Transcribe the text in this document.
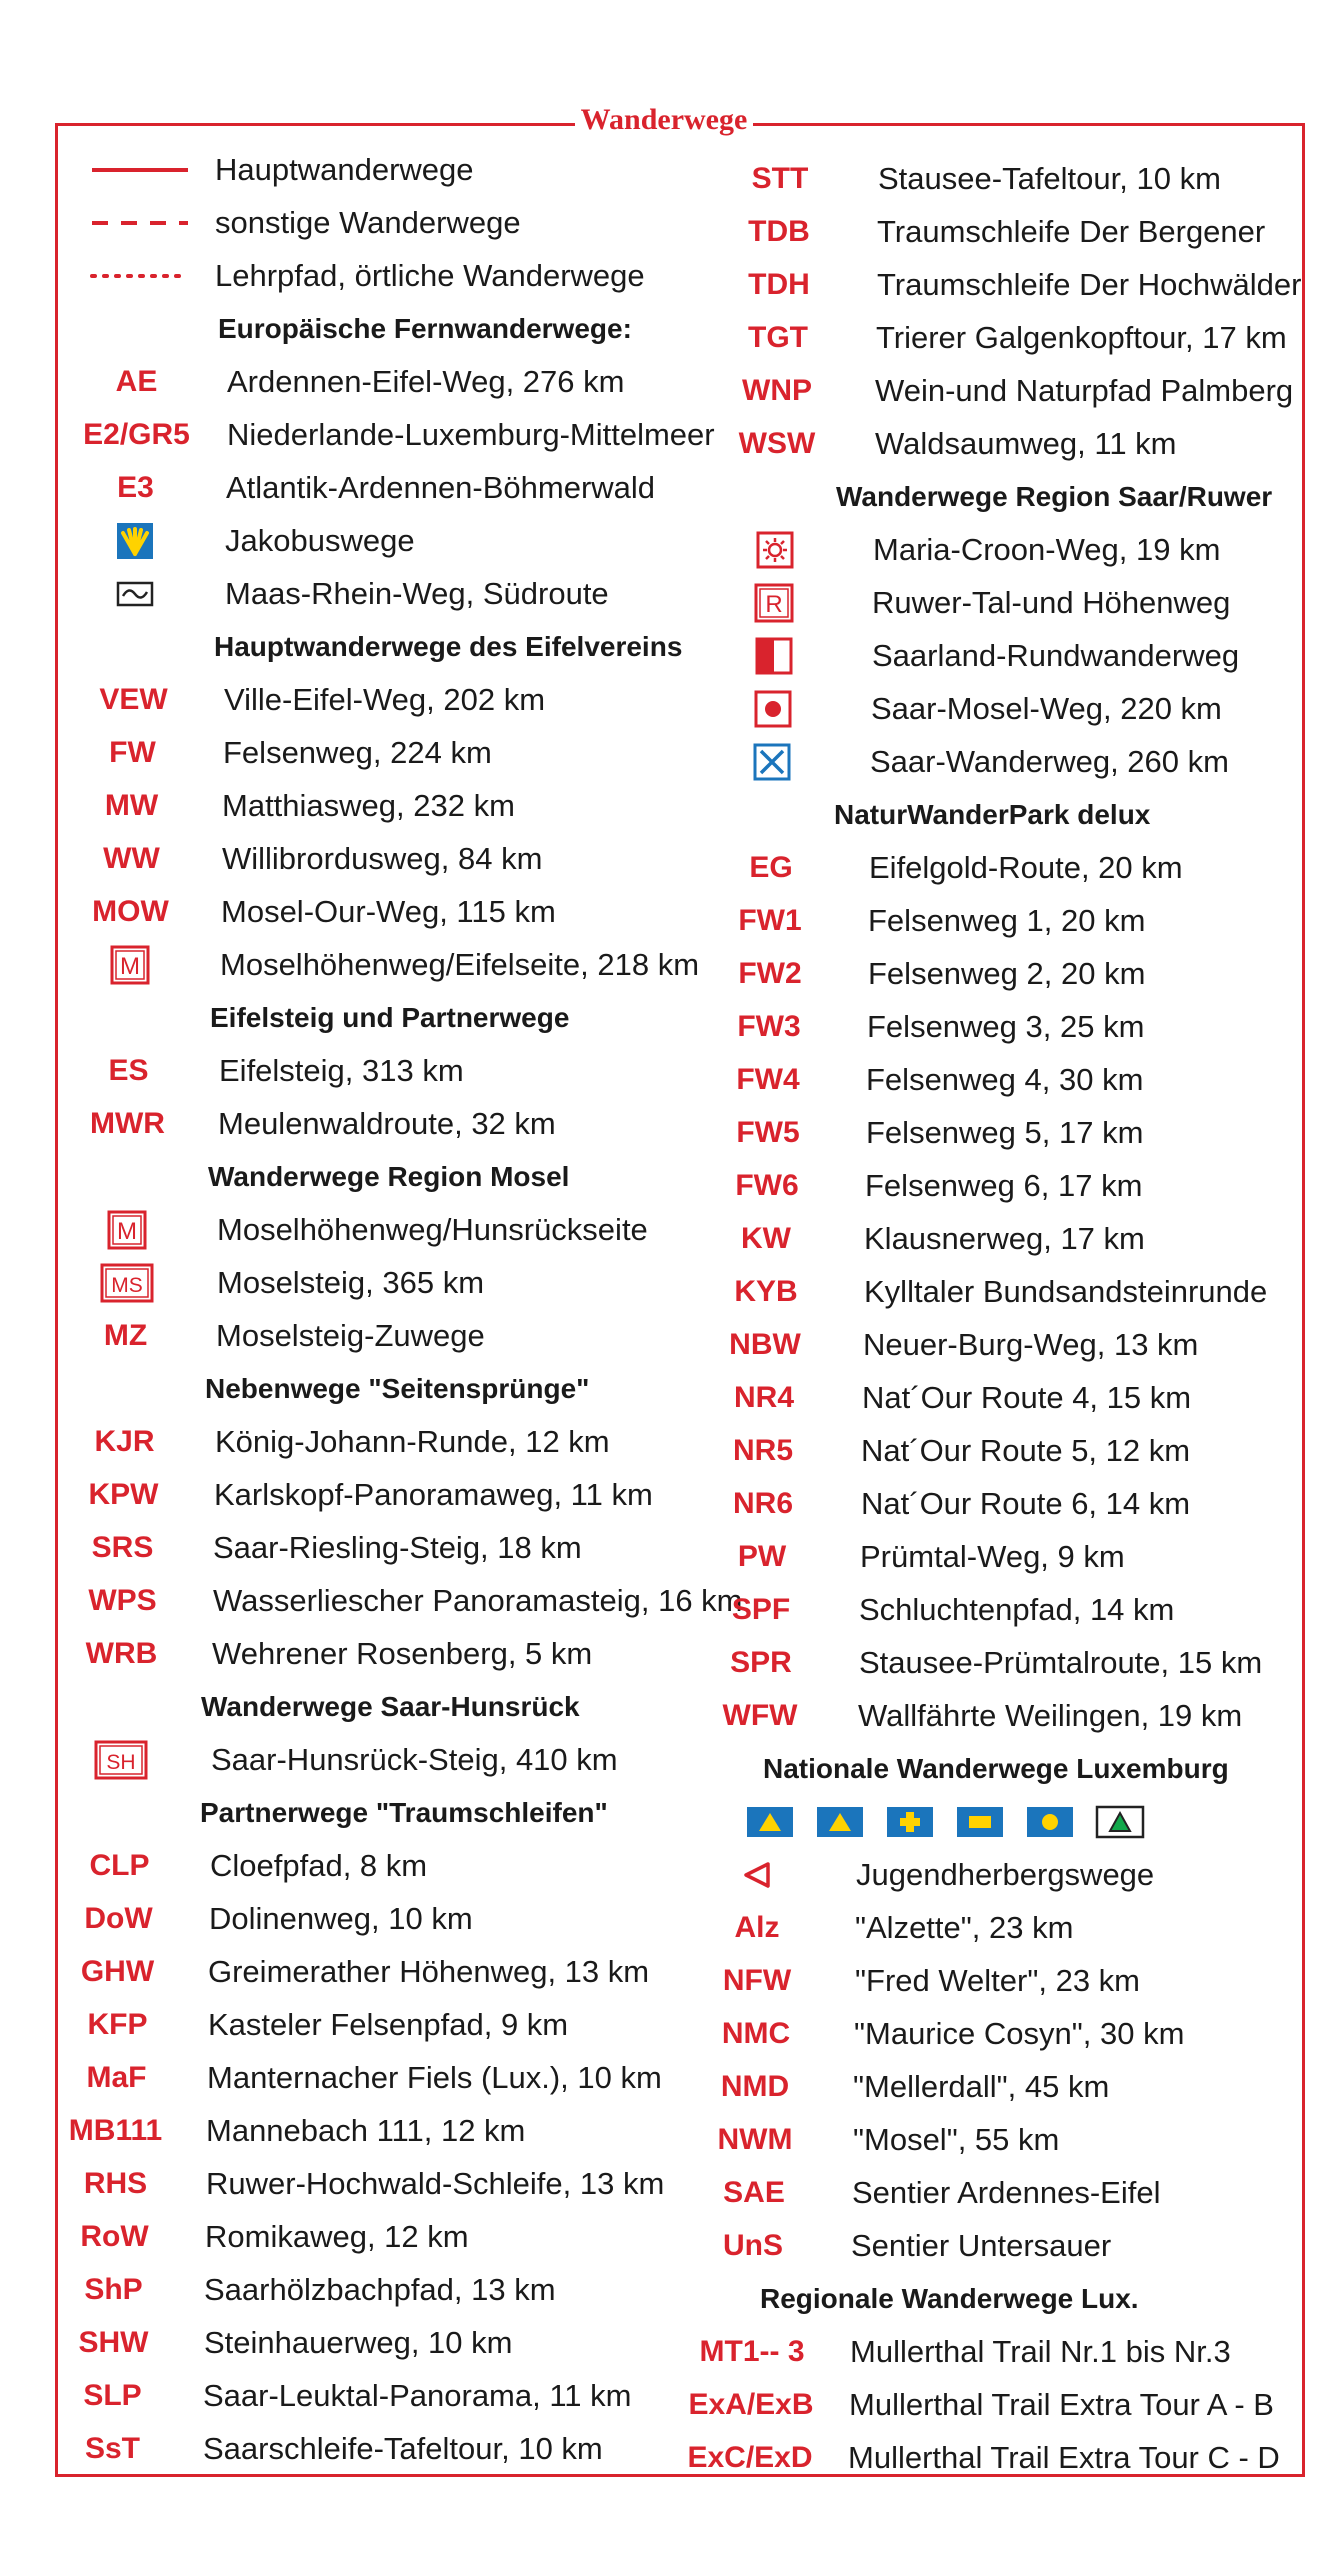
Wanderwege
Hauptwanderwege
sonstige Wanderwege
Lehrpfad, örtliche Wanderwege
Europäische Fernwanderwege:
AE	Ardennen-Eifel-Weg, 276 km
E2/GR5	Niederlande-Luxemburg-Mittelmeer
E3	Atlantik-Ardennen-Böhmerwald
Jakobuswege
Maas-Rhein-Weg, Südroute
Hauptwanderwege des Eifelvereins
VEW	Ville-Eifel-Weg, 202 km
FW	Felsenweg, 224 km
MW	Matthiasweg, 232 km
WW	Willibrordusweg, 84 km
MOW	Mosel-Our-Weg, 115 km
M	Moselhöhenweg/Eifelseite, 218 km
Eifelsteig und Partnerwege
ES	Eifelsteig, 313 km
MWR	Meulenwaldroute, 32 km
Wanderwege Region Mosel
M	Moselhöhenweg/Hunsrückseite
MS Moselsteig, 365 km
MZ	Moselsteig-Zuwege
Nebenwege "Seitensprünge"
KJR	König-Johann-Runde, 12 km
KPW	Karlskopf-Panoramaweg, 11 km
SRS	Saar-Riesling-Steig, 18 km
WPS	Wasserliescher Panoramasteig, 16 km
WRB	Wehrener Rosenberg, 5 km
Wanderwege Saar-Hunsrück
SH Saar-Hunsrück-Steig, 410 km
Partnerwege "Traumschleifen"
CLP	Cloefpfad, 8 km
DoW	Dolinenweg, 10 km
GHW	Greimerather Höhenweg, 13 km
KFP	Kasteler Felsenpfad, 9 km
MaF	Manternacher Fiels (Lux.), 10 km
MB111	Mannebach 111, 12 km
RHS	Ruwer-Hochwald-Schleife, 13 km
RoW	Romikaweg, 12 km
ShP	Saarhölzbachpfad, 13 km
SHW	Steinhauerweg, 10 km
SLP	Saar-Leuktal-Panorama, 11 km
SsT	Saarschleife-Tafeltour, 10 km
STT	Stausee-Tafeltour, 10 km
TDB	Traumschleife Der Bergener
TDH	Traumschleife Der Hochwälder
TGT	Trierer Galgenkopftour, 17 km
WNP	Wein-und Naturpfad Palmberg
WSW	Waldsaumweg, 11 km
Wanderwege Region Saar/Ruwer
Maria-Croon-Weg, 19 km
R	Ruwer-Tal-und Höhenweg
Saarland-Rundwanderweg
Saar-Mosel-Weg, 220 km
Saar-Wanderweg, 260 km
NaturWanderPark delux
EG	Eifelgold-Route, 20 km
FW1	Felsenweg 1, 20 km
FW2	Felsenweg 2, 20 km
FW3	Felsenweg 3, 25 km
FW4	Felsenweg 4, 30 km
FW5	Felsenweg 5, 17 km
FW6	Felsenweg 6, 17 km
KW	Klausnerweg, 17 km
KYB	Kylltaler Bundsandsteinrunde
NBW	Neuer-Burg-Weg, 13 km
NR4	Nat´Our Route 4, 15 km
NR5	Nat´Our Route 5, 12 km
NR6	Nat´Our Route 6, 14 km
PW	Prümtal-Weg, 9 km
SPF	Schluchtenpfad, 14 km
SPR	Stausee-Prümtalroute, 15 km
WFW	Wallfährte Weilingen, 19 km
Nationale Wanderwege Luxemburg
Jugendherbergswege
Alz	"Alzette", 23 km
NFW	"Fred Welter", 23 km
NMC	"Maurice Cosyn", 30 km
NMD	"Mellerdall", 45 km
NWM	"Mosel", 55 km
SAE	Sentier Ardennes-Eifel
UnS	Sentier Untersauer
Regionale Wanderwege Lux.
MT1-- 3	Mullerthal Trail Nr.1 bis Nr.3
ExA/ExB	Mullerthal Trail Extra Tour A - B
ExC/ExD	Mullerthal Trail Extra Tour C - D
